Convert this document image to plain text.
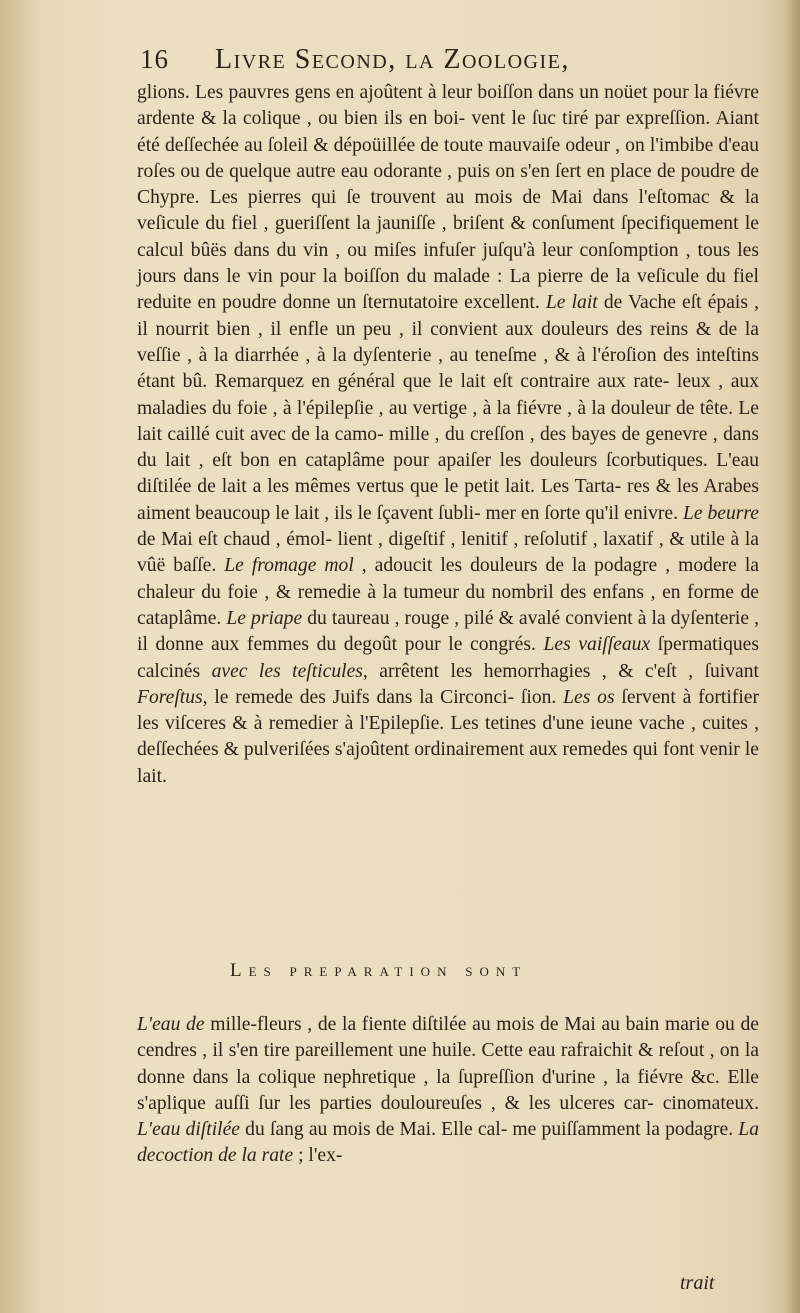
16 Livre Second, la Zoologie,

glions. Les pauvres gens en ajoûtent à leur boiſſon dans un noüet pour la fiévre ardente & la colique , ou bien ils en boi- vent le ſuc tiré par expreſſion. Aiant été deſſechée au ſoleil & dépoüillée de toute mauvaiſe odeur , on l'imbibe d'eau roſes ou de quelque autre eau odorante , puis on s'en ſert en place de poudre de Chypre. Les pierres qui ſe trouvent au mois de Mai dans l'eſtomac & la veſicule du fiel , gueriſſent la jauniſſe , briſent & conſument ſpecifiquement le calcul bûës dans du vin , ou miſes infuſer juſqu'à leur conſomption , tous les jours dans le vin pour la boiſſon du malade : La pierre de la veſicule du fiel reduite en poudre donne un ſternutatoire excellent. Le lait de Vache eſt épais , il nourrit bien , il enfle un peu , il convient aux douleurs des reins & de la veſſie , à la diarrhée , à la dyſenterie , au teneſme , & à l'éroſion des inteſtins étant bû. Remarquez en général que le lait eſt contraire aux rate- leux , aux maladies du foie , à l'épilepſie , au vertige , à la fiévre , à la douleur de tête. Le lait caillé cuit avec de la camo- mille , du creſſon , des bayes de genevre , dans du lait , eſt bon en cataplâme pour apaiſer les douleurs ſcorbutiques. L'eau diſtilée de lait a les mêmes vertus que le petit lait. Les Tarta- res & les Arabes aiment beaucoup le lait , ils le ſçavent ſubli- mer en ſorte qu'il enivre. Le beurre de Mai eſt chaud , émol- lient , digeſtif , lenitif , reſolutif , laxatif , & utile à la vûë baſſe. Le fromage mol , adoucit les douleurs de la podagre , modere la chaleur du foie , & remedie à la tumeur du nombril des enfans , en forme de cataplâme. Le priape du taureau , rouge , pilé & avalé convient à la dyſenterie , il donne aux femmes du degoût pour le congrés. Les vaiſſeaux ſpermatiques calcinés avec les teſticules, arrêtent les hemorrhagies , & c'eſt , ſuivant Foreſtus, le remede des Juifs dans la Circonci- ſion. Les os ſervent à fortifier les viſceres & à remedier à l'Epilepſie. Les tetines d'une ieune vache , cuites , deſſechées & pulveriſées s'ajoûtent ordinairement aux remedes qui font venir le lait.

Les preparation sont

L'eau de mille-fleurs , de la fiente diſtilée au mois de Mai au bain marie ou de cendres , il s'en tire pareillement une huile. Cette eau rafraichit & reſout , on la donne dans la colique nephretique , la ſupreſſion d'urine , la fiévre &c. Elle s'aplique auſſi ſur les parties douloureuſes , & les ulceres car- cinomateux. L'eau diſtilée du ſang au mois de Mai. Elle cal- me puiſſamment la podagre. La decoction de la rate ; l'ex-

trait
